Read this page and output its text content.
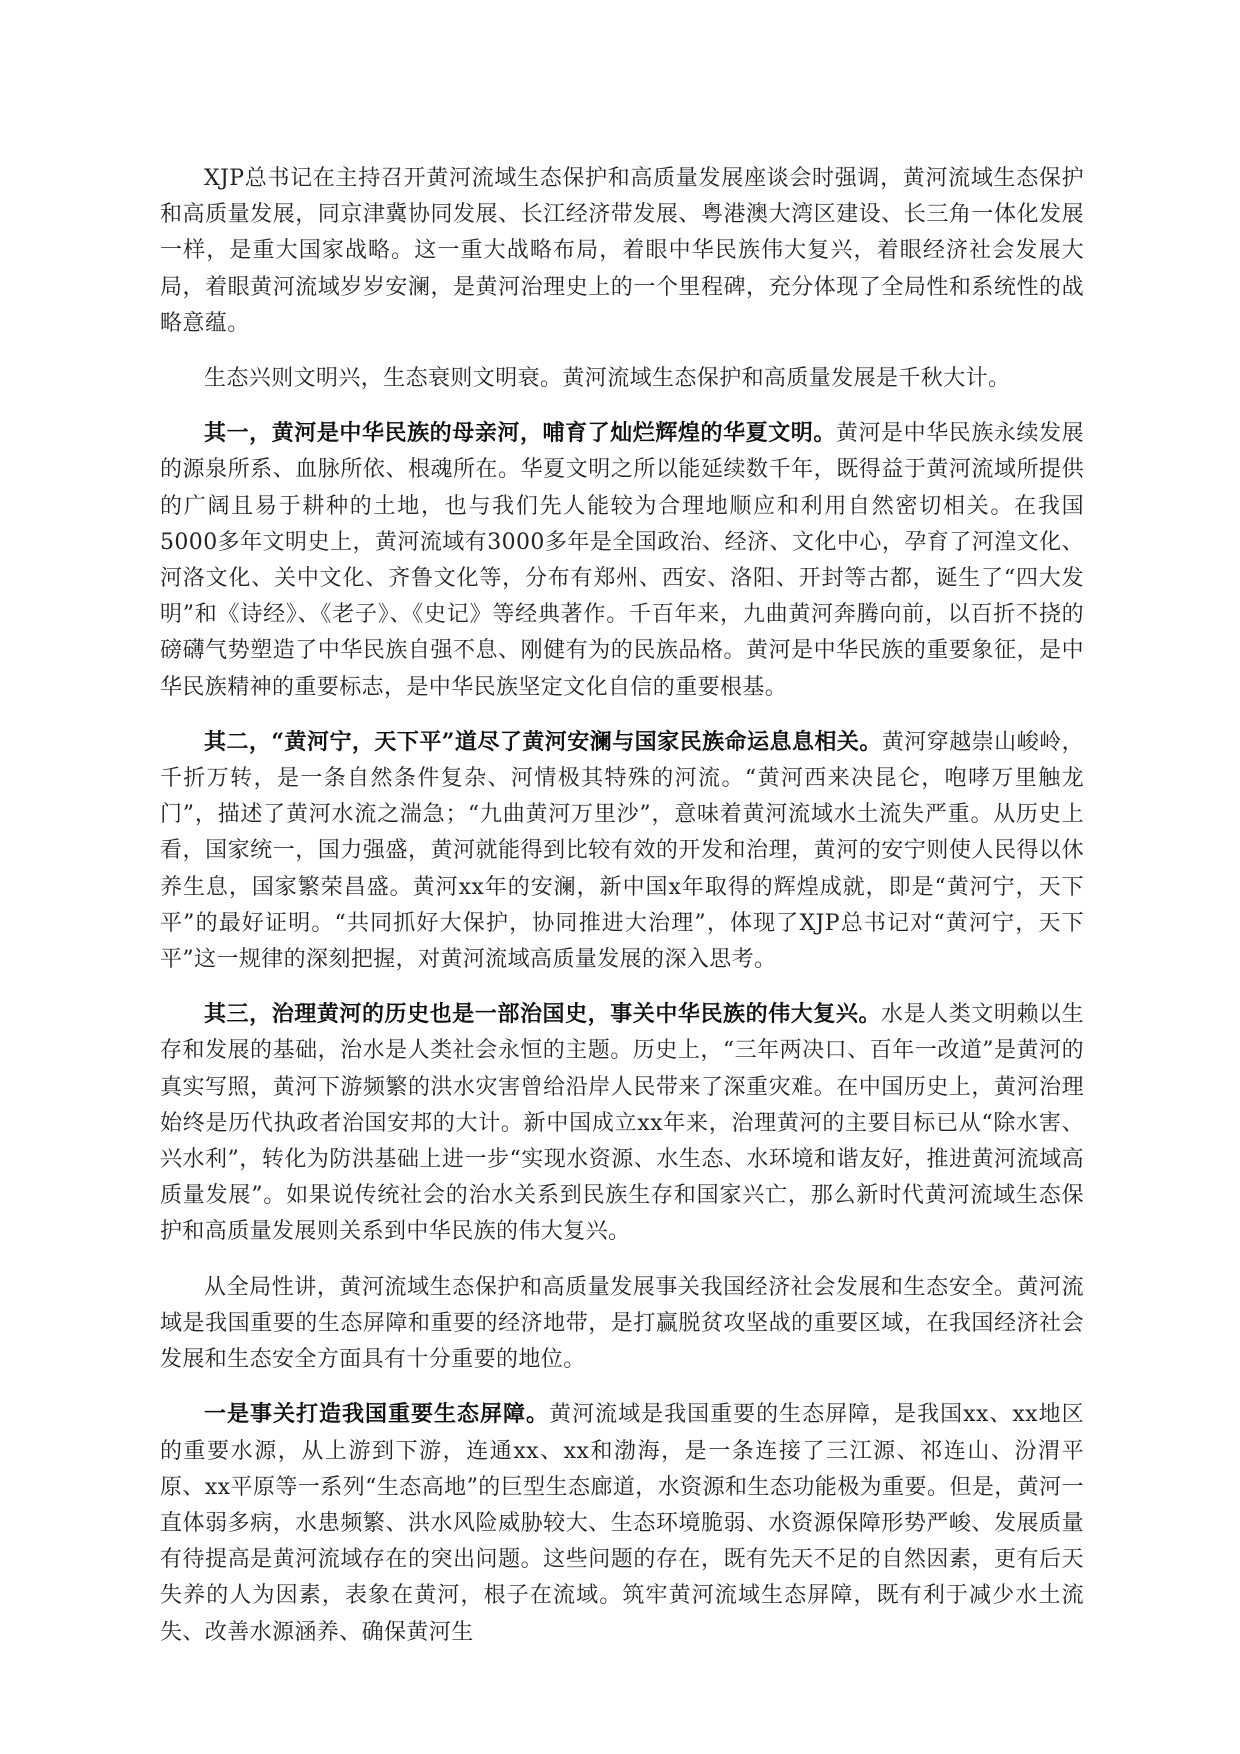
XJP总书记在主持召开黄河流域生态保护和高质量发展座谈会时强调，黄河流域生态保护和高质量发展，同京津冀协同发展、长江经济带发展、粤港澳大湾区建设、长三角一体化发展一样，是重大国家战略。这一重大战略布局，着眼中华民族伟大复兴，着眼经济社会发展大局，着眼黄河流域岁岁安澜，是黄河治理史上的一个里程碑，充分体现了全局性和系统性的战略意蕴。

生态兴则文明兴，生态衰则文明衰。黄河流域生态保护和高质量发展是千秋大计。

其一，黄河是中华民族的母亲河，哺育了灿烂辉煌的华夏文明。黄河是中华民族永续发展的源泉所系、血脉所依、根魂所在。华夏文明之所以能延续数千年，既得益于黄河流域所提供的广阔且易于耕种的土地，也与我们先人能较为合理地顺应和利用自然密切相关。在我国5000多年文明史上，黄河流域有3000多年是全国政治、经济、文化中心，孕育了河湟文化、河洛文化、关中文化、齐鲁文化等，分布有郑州、西安、洛阳、开封等古都，诞生了“四大发明”和《诗经》、《老子》、《史记》等经典著作。千百年来，九曲黄河奔腾向前，以百折不挠的磅礴气势塑造了中华民族自强不息、刚健有为的民族品格。黄河是中华民族的重要象征，是中华民族精神的重要标志，是中华民族坚定文化自信的重要根基。

其二，“黄河宁，天下平”道尽了黄河安澜与国家民族命运息息相关。黄河穿越崇山峻岭，千折万转，是一条自然条件复杂、河情极其特殊的河流。“黄河西来决昆仑，咆哮万里触龙门”，描述了黄河水流之湍急；“九曲黄河万里沙”，意味着黄河流域水土流失严重。从历史上看，国家统一，国力强盛，黄河就能得到比较有效的开发和治理，黄河的安宁则使人民得以休养生息，国家繁荣昌盛。黄河xx年的安澜，新中国x年取得的辉煌成就，即是“黄河宁，天下平”的最好证明。“共同抓好大保护，协同推进大治理”，体现了XJP总书记对“黄河宁，天下平”这一规律的深刻把握，对黄河流域高质量发展的深入思考。

其三，治理黄河的历史也是一部治国史，事关中华民族的伟大复兴。水是人类文明赖以生存和发展的基础，治水是人类社会永恒的主题。历史上，“三年两决口、百年一改道”是黄河的真实写照，黄河下游频繁的洪水灾害曾给沿岸人民带来了深重灾难。在中国历史上，黄河治理始终是历代执政者治国安邦的大计。新中国成立xx年来，治理黄河的主要目标已从“除水害、兴水利”，转化为防洪基础上进一步“实现水资源、水生态、水环境和谐友好，推进黄河流域高质量发展”。如果说传统社会的治水关系到民族生存和国家兴亡，那么新时代黄河流域生态保护和高质量发展则关系到中华民族的伟大复兴。

从全局性讲，黄河流域生态保护和高质量发展事关我国经济社会发展和生态安全。黄河流域是我国重要的生态屏障和重要的经济地带，是打赢脱贫攻坚战的重要区域，在我国经济社会发展和生态安全方面具有十分重要的地位。

一是事关打造我国重要生态屏障。黄河流域是我国重要的生态屏障，是我国xx、xx地区的重要水源，从上游到下游，连通xx、xx和渤海，是一条连接了三江源、祁连山、汾渭平原、xx平原等一系列“生态高地”的巨型生态廊道，水资源和生态功能极为重要。但是，黄河一直体弱多病，水患频繁、洪水风险威胁较大、生态环境脆弱、水资源保障形势严峻、发展质量有待提高是黄河流域存在的突出问题。这些问题的存在，既有先天不足的自然因素，更有后天失养的人为因素，表象在黄河，根子在流域。筑牢黄河流域生态屏障，既有利于减少水土流失、改善水源涵养、确保黄河生
